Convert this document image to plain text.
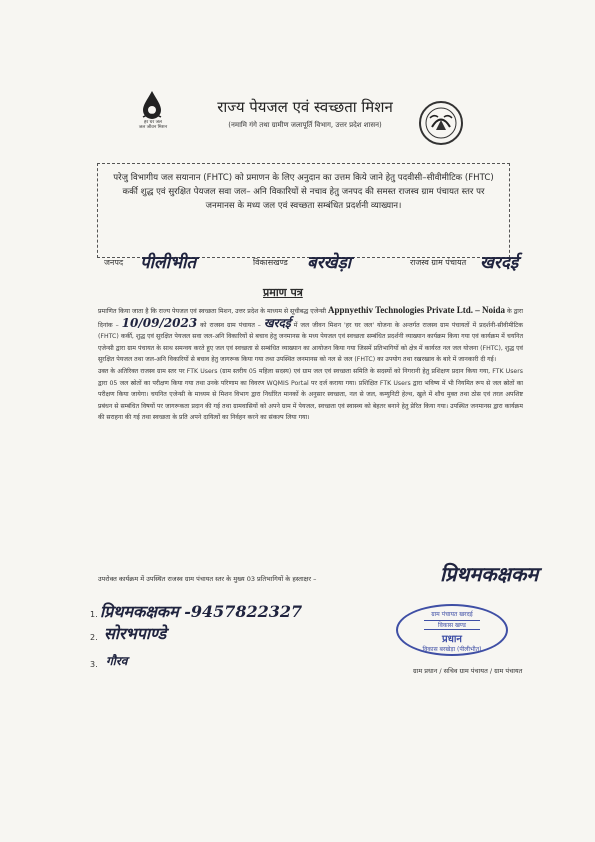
हर घर जल
जल जीवन मिशन
राज्य पेयजल एवं स्वच्छता मिशन
(नमामि गंगे तथा ग्रामीण जलापूर्ति विभाग, उत्तर प्रदेश शासन)
परेजु विभागीय जल सयानान (FHTC) को प्रमाणन के लिए अनुदान का उत्तम किये जाने हेतु पदवीसी–सीवीमीटिक (FHTC) कर्की शुद्ध एवं सुरक्षित पेयजल सवा जल– अनि विकारियों से नचाव हेतु जनपद की समस्त राजस्व ग्राम पंचायत स्तर पर जनमानस के मध्य जल एवं स्वच्छता सम्बंधित प्रदर्शनी व्याख्यान।
जनपद पीलीभीत	विकासखण्ड बरखेड़ा	राजस्व ग्राम पंचायत खरदई
प्रमाण पत्र
प्रमाणित किया जाता है कि राज्य पेयजल एवं स्वच्छता मिशन, उत्तर प्रदेश के माध्यम से सूचीबद्ध एजेन्सी Appnyethiv Technologies Private Ltd. – Noida के द्वारा दिनांक – 10/09/2023 को राजस्व ग्राम पंचायत – खरदई में जल जीवन मिशन 'हर घर जल' योजना के अन्तर्गत राजस्व ग्राम पंचायतों में प्रदर्शनी-सीवीमीटिक (FHTC) कर्की, शुद्ध एवं सुरक्षित पेयजल सवा जल-अनि विकारियों से बचाव हेतु जनमानस के मध्य पेयजल एवं स्वच्छता सम्बंधित प्रदर्शनी व्याख्यान कार्यक्रम किया गया एवं कार्यक्रम में चयनित एजेन्सी द्वारा ग्राम पंचायत के साथ समन्वय करते हुए जल एवं स्वच्छता से सम्बंधित व्याख्यान का आयोजन किया गया जिसमें प्रतिभागियों को क्षेत्र में कार्यरत नल जल योजना (FHTC), शुद्ध एवं सुरक्षित पेयजल तथा जल-अनि विकारियों से बचाव हेतु जागरूक किया गया तथा उपस्थित जनमानस को नल से जल (FHTC) का उपयोग तथा रखरखाव के बारे में जानकारी दी गई।
उक्त के अतिरिक्त राजस्व ग्राम स्तर पर FTK Users (ग्राम स्तरीय 05 महिला सदस्य) एवं ग्राम जल एवं स्वच्छता समिति के सदस्यों को निगरानी हेतु प्रशिक्षण प्रदान किया गया, FTK Users द्वारा 05 जल स्रोतों का परीक्षण किया गया तथा उनके परिणाम का विवरण WQMIS Portal पर दर्ज कराया गया। प्रशिक्षित FTK Users द्वारा भविष्य में भी नियमित रूप से जल स्रोतों का परीक्षण किया जायेगा। चयनित एजेन्सी के माध्यम से मिशन विभाग द्वारा निर्धारित मानकों के अनुसार स्वच्छता, नल से जल, कम्युनिटी हेल्थ, खुले में शौच मुक्त तथा ठोस एवं तरल अपशिष्ट प्रबंधन से सम्बंधित विषयों पर जागरूकता प्रदान की गई तथा ग्रामवासियों को अपने ग्राम में पेयजल, स्वच्छता एवं स्वास्थ्य को बेहतर बनाने हेतु प्रेरित किया गया। उपस्थित जनमानस द्वारा कार्यक्रम की सराहना की गई तथा स्वच्छता के प्रति अपने दायित्वों का निर्वहन करने का संकल्प लिया गया।
उपरोक्त कार्यक्रम में उपस्थित राजस्व ग्राम पंचायत स्तर के मुख्य 03 प्रतिभागियों के हस्ताक्षर –
1. प्रिथमकक्षकम -9457822327
2. सोरभपाण्डे
3. गौरव
प्रिथमकक्षकम
ग्राम पंचायत खरदई
विकास खण्ड
प्रधान
विकास बरखेड़ा (पीलीभीत)
ग्राम प्रधान / सचिव ग्राम पंचायत / ग्राम पंचायत
